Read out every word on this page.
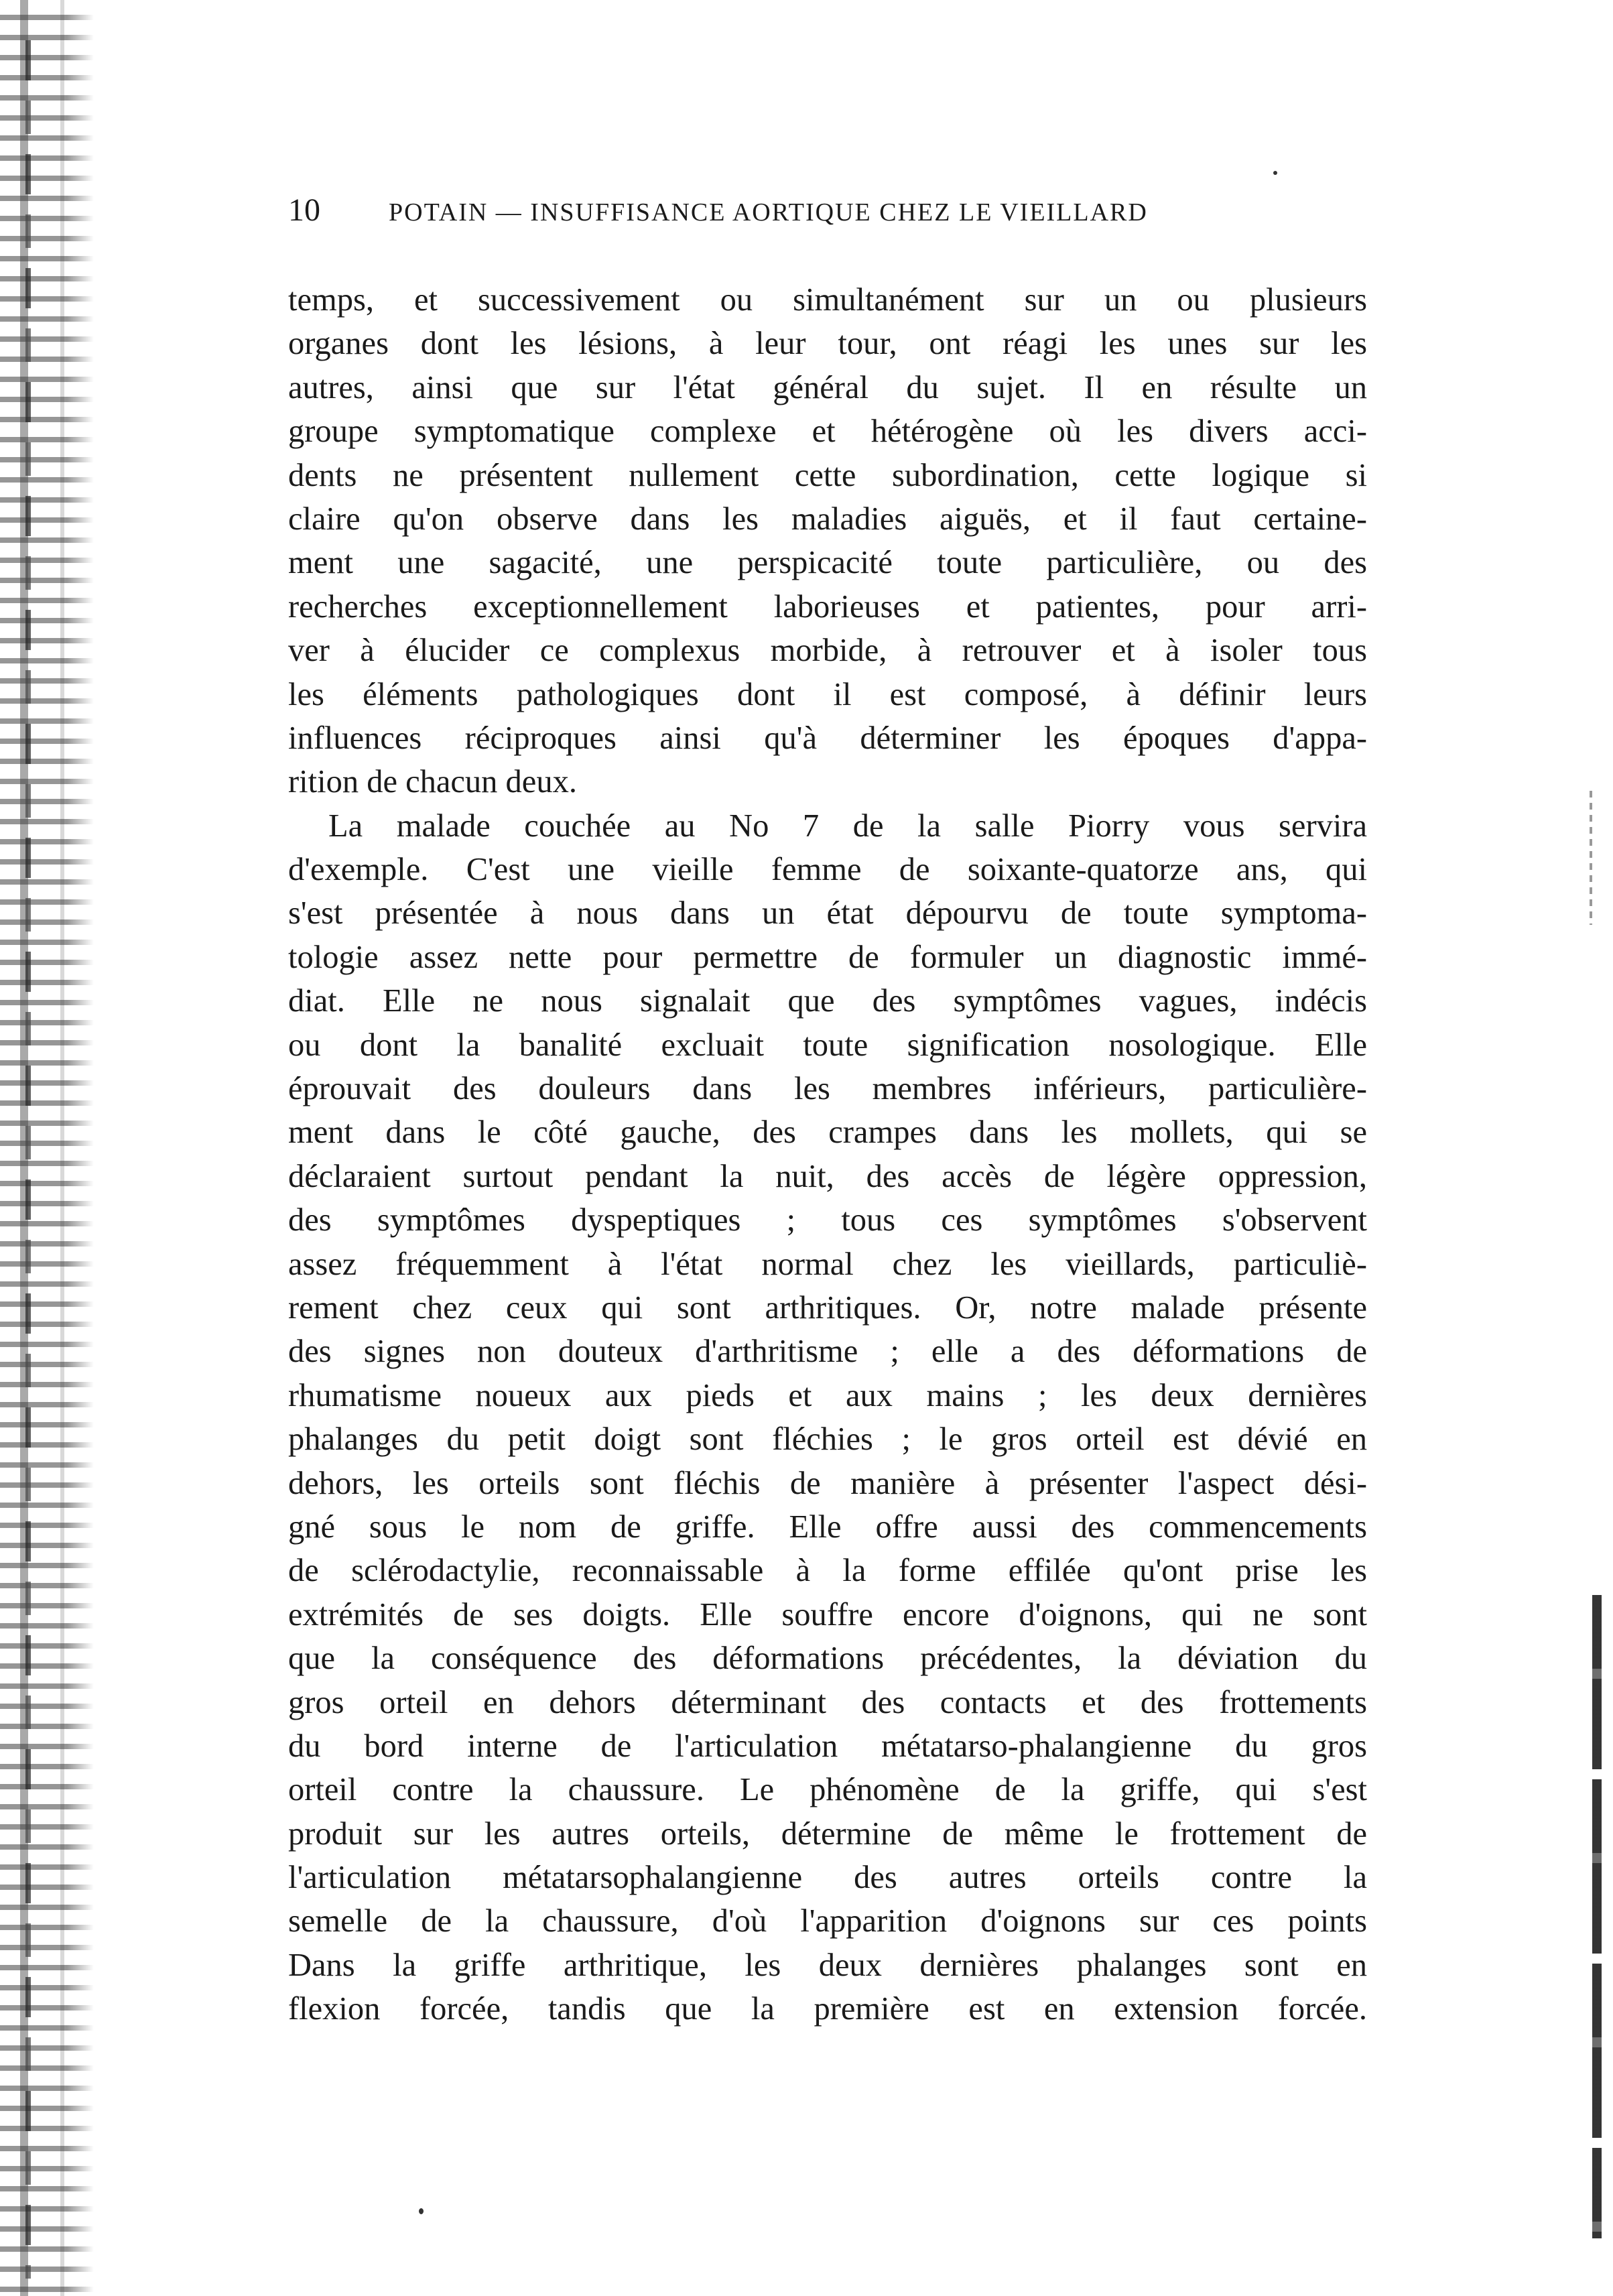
10	POTAIN — INSUFFISANCE AORTIQUE CHEZ LE VIEILLARD
temps, et successivement ou simultanément sur un ou plusieurs
organes dont les lésions, à leur tour, ont réagi les unes sur les
autres, ainsi que sur l'état général du sujet. Il en résulte un
groupe symptomatique complexe et hétérogène où les divers acci-
dents ne présentent nullement cette subordination, cette logique si
claire qu'on observe dans les maladies aiguës, et il faut certaine-
ment une sagacité, une perspicacité toute particulière, ou des
recherches exceptionnellement laborieuses et patientes, pour arri-
ver à élucider ce complexus morbide, à retrouver et à isoler tous
les éléments pathologiques dont il est composé, à définir leurs
influences réciproques ainsi qu'à déterminer les époques d'appa-
rition de chacun deux.
La malade couchée au No 7 de la salle Piorry vous servira
d'exemple. C'est une vieille femme de soixante-quatorze ans, qui
s'est présentée à nous dans un état dépourvu de toute symptoma-
tologie assez nette pour permettre de formuler un diagnostic immé-
diat. Elle ne nous signalait que des symptômes vagues, indécis
ou dont la banalité excluait toute signification nosologique. Elle
éprouvait des douleurs dans les membres inférieurs, particulière-
ment dans le côté gauche, des crampes dans les mollets, qui se
déclaraient surtout pendant la nuit, des accès de légère oppression,
des symptômes dyspeptiques ; tous ces symptômes s'observent
assez fréquemment à l'état normal chez les vieillards, particuliè-
rement chez ceux qui sont arthritiques. Or, notre malade présente
des signes non douteux d'arthritisme ; elle a des déformations de
rhumatisme noueux aux pieds et aux mains ; les deux dernières
phalanges du petit doigt sont fléchies ; le gros orteil est dévié en
dehors, les orteils sont fléchis de manière à présenter l'aspect dési-
gné sous le nom de griffe. Elle offre aussi des commencements
de sclérodactylie, reconnaissable à la forme effilée qu'ont prise les
extrémités de ses doigts. Elle souffre encore d'oignons, qui ne sont
que la conséquence des déformations précédentes, la déviation du
gros orteil en dehors déterminant des contacts et des frottements
du bord interne de l'articulation métatarso-phalangienne du gros
orteil contre la chaussure. Le phénomène de la griffe, qui s'est
produit sur les autres orteils, détermine de même le frottement de
l'articulation métatarsophalangienne des autres orteils contre la
semelle de la chaussure, d'où l'apparition d'oignons sur ces points
Dans la griffe arthritique, les deux dernières phalanges sont en
flexion forcée, tandis que la première est en extension forcée.
